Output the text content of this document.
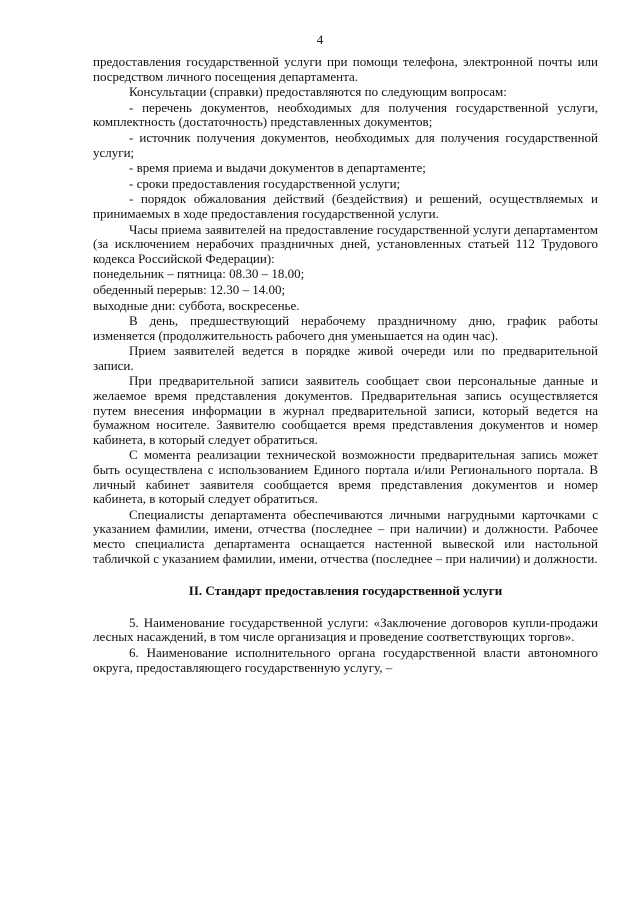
4

предоставления государственной услуги при помощи телефона, электронной почты или посредством личного посещения департамента.

Консультации (справки) предоставляются по следующим вопросам:

- перечень документов, необходимых для получения государственной услуги, комплектность (достаточность) представленных документов;

- источник получения документов, необходимых для получения государственной услуги;

- время приема и выдачи документов в департаменте;

- сроки предоставления государственной услуги;

- порядок обжалования действий (бездействия) и решений, осуществляемых и принимаемых в ходе предоставления государственной услуги.

Часы приема заявителей на предоставление государственной услуги департаментом (за исключением нерабочих праздничных дней, установленных статьей 112 Трудового кодекса Российской Федерации):

понедельник – пятница: 08.30 – 18.00;

обеденный перерыв: 12.30 – 14.00;

выходные дни: суббота, воскресенье.

В день, предшествующий нерабочему праздничному дню, график работы изменяется (продолжительность рабочего дня уменьшается на один час).

Прием заявителей ведется в порядке живой очереди или по предварительной записи.

При предварительной записи заявитель сообщает свои персональные данные и желаемое время представления документов. Предварительная запись осуществляется путем внесения информации в журнал предварительной записи, который ведется на бумажном носителе. Заявителю сообщается время представления документов и номер кабинета, в который следует обратиться.

С момента реализации технической возможности предварительная запись может быть осуществлена с использованием Единого портала и/или Регионального портала. В личный кабинет заявителя сообщается время представления документов и номер кабинета, в который следует обратиться.

Специалисты департамента обеспечиваются личными нагрудными карточками с указанием фамилии, имени, отчества (последнее – при наличии) и должности. Рабочее место специалиста департамента оснащается настенной вывеской или настольной табличкой с указанием фамилии, имени, отчества (последнее – при наличии) и должности.

II. Стандарт предоставления государственной услуги

5. Наименование государственной услуги: «Заключение договоров купли-продажи лесных насаждений, в том числе организация и проведение соответствующих торгов».

6. Наименование исполнительного органа государственной власти автономного округа, предоставляющего государственную услугу, –
